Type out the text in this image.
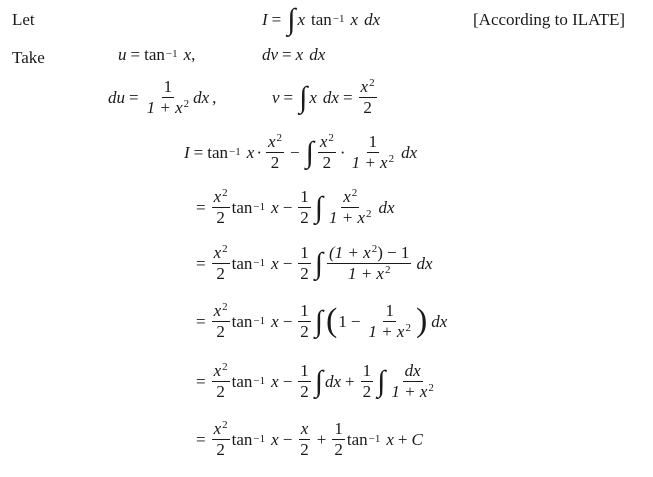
Let	I = ∫ x tan −1 x dx	[According to ILATE]
Take	u = tan −1 x ,	dv = x dx
du = $\frac{1}{1 + x^2}$ dx ,	v = ∫ x dx = $\frac{x^2}{2}$
I = tan −1 $x \cdot \frac{x^2}{2}$ − ∫ $\frac{x^2}{2} \cdot \frac{1}{1 + x^2}$ dx
= $\frac{x^2}{2}$ tan −1 $x - \frac{1}{2}$ ∫ $\frac{x^2}{1 + x^2}$ dx
= $\frac{x^2}{2}$ tan −1 $x - \frac{1}{2}$ ∫ $\frac{(1 + x^2) - 1}{1 + x^2}$ dx
= $\frac{x^2}{2}$ tan −1 $x - \frac{1}{2}$ ∫ ( $1 - \frac{1}{1 + x^2}$ ) dx
= $\frac{x^2}{2}$ tan −1 $x - \frac{1}{2}$ ∫ dx + $\frac{1}{2}$ ∫ $\frac{dx}{1 + x^2}$
= $\frac{x^2}{2}$ tan −1 $x - \frac{x}{2} + \frac{1}{2}$ tan −1 x + C
